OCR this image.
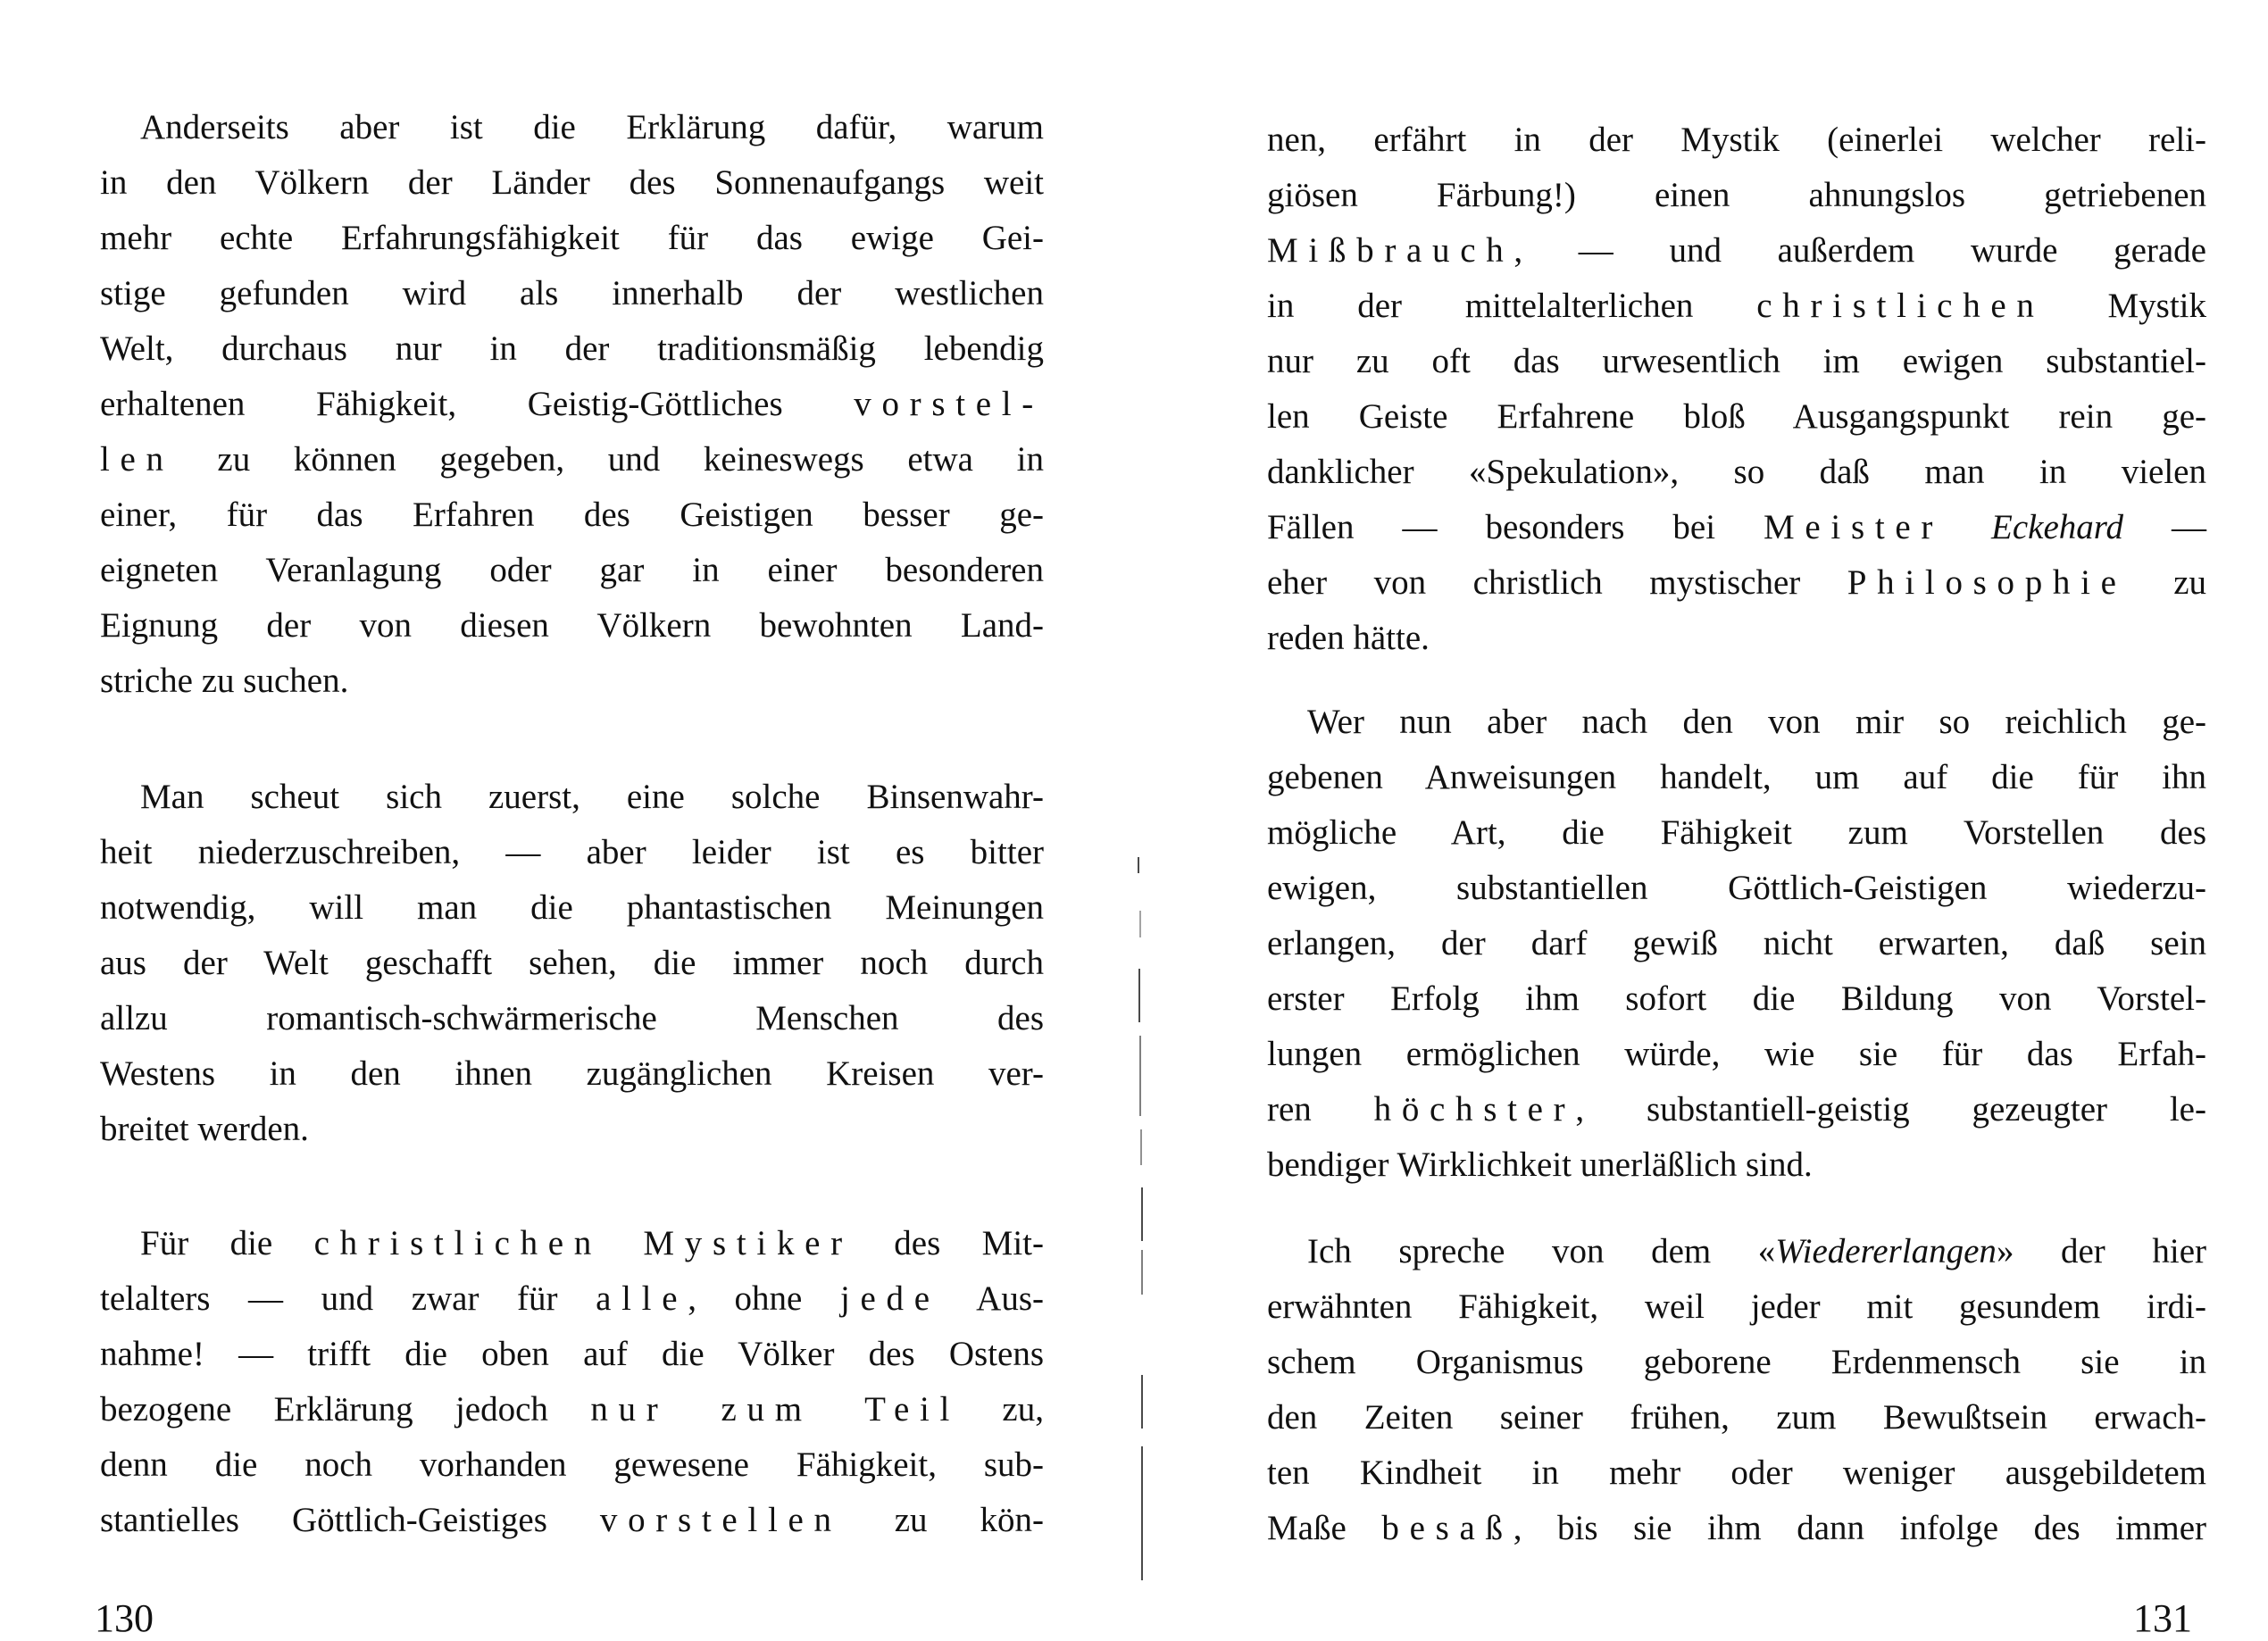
Anderseits aber ist die Erklärung dafür, warum
in den Völkern der Länder des Sonnenaufgangs weit
mehr echte Erfahrungsfähigkeit für das ewige Gei-
stige gefunden wird als innerhalb der westlichen
Welt, durchaus nur in der traditionsmäßig lebendig
erhaltenen Fähigkeit, Geistig-Göttliches vorstel-
len zu können gegeben, und keineswegs etwa in
einer, für das Erfahren des Geistigen besser ge-
eigneten Veranlagung oder gar in einer besonderen
Eignung der von diesen Völkern bewohnten Land-
striche zu suchen.
Man scheut sich zuerst, eine solche Binsenwahr-
heit niederzuschreiben, — aber leider ist es bitter
notwendig, will man die phantastischen Meinungen
aus der Welt geschafft sehen, die immer noch durch
allzu romantisch-schwärmerische Menschen des
Westens in den ihnen zugänglichen Kreisen ver-
breitet werden.
Für die christlichen Mystiker des Mit-
telalters — und zwar für alle, ohne jede Aus-
nahme! — trifft die oben auf die Völker des Ostens
bezogene Erklärung jedoch nur zum Teil zu,
denn die noch vorhanden gewesene Fähigkeit, sub-
stantielles Göttlich-Geistiges vorstellen zu kön-
130
nen, erfährt in der Mystik (einerlei welcher reli-
giösen Färbung!) einen ahnungslos getriebenen
Mißbrauch, — und außerdem wurde gerade
in der mittelalterlichen christlichen Mystik
nur zu oft das urwesentlich im ewigen substantiel-
len Geiste Erfahrene bloß Ausgangspunkt rein ge-
danklicher «Spekulation», so daß man in vielen
Fällen — besonders bei Meister Eckehard —
eher von christlich mystischer Philosophie zu
reden hätte.
Wer nun aber nach den von mir so reichlich ge-
gebenen Anweisungen handelt, um auf die für ihn
mögliche Art, die Fähigkeit zum Vorstellen des
ewigen, substantiellen Göttlich-Geistigen wiederzu-
erlangen, der darf gewiß nicht erwarten, daß sein
erster Erfolg ihm sofort die Bildung von Vorstel-
lungen ermöglichen würde, wie sie für das Erfah-
ren höchster, substantiell-geistig gezeugter le-
bendiger Wirklichkeit unerläßlich sind.
Ich spreche von dem «Wiedererlangen» der hier
erwähnten Fähigkeit, weil jeder mit gesundem irdi-
schem Organismus geborene Erdenmensch sie in
den Zeiten seiner frühen, zum Bewußtsein erwach-
ten Kindheit in mehr oder weniger ausgebildetem
Maße besaß, bis sie ihm dann infolge des immer
131
